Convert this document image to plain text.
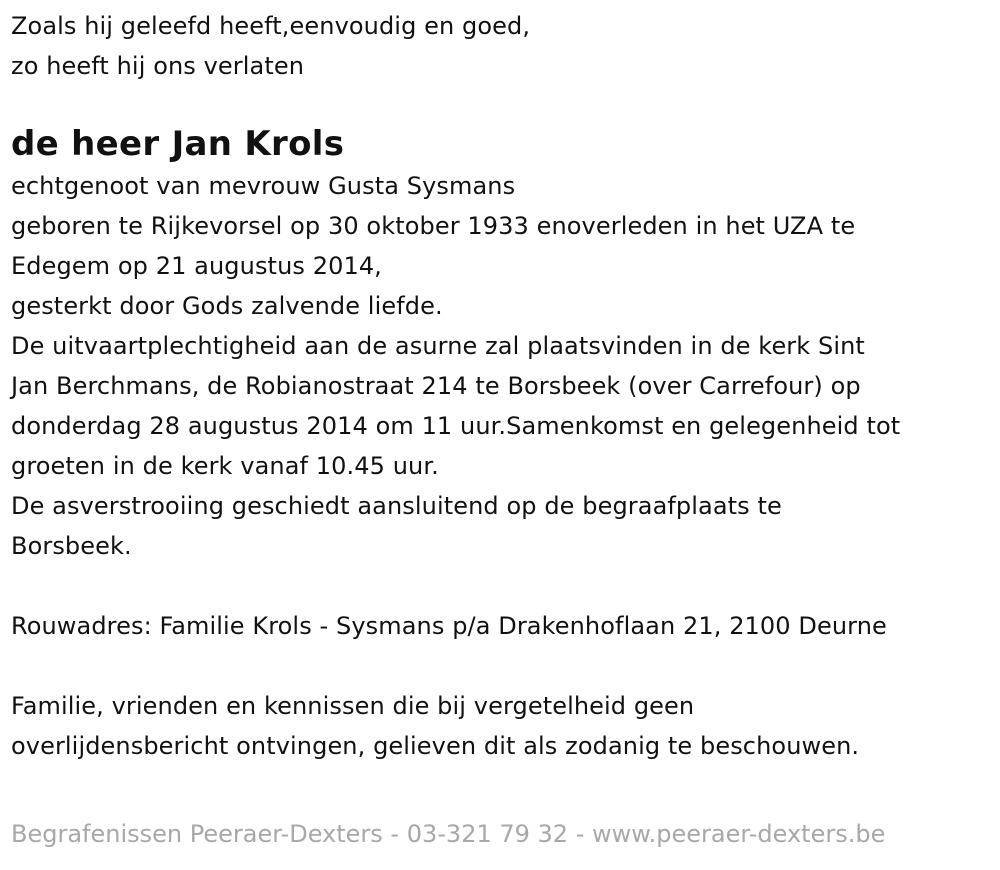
Zoals hij geleefd heeft,eenvoudig en goed,
zo heeft hij ons verlaten
de heer Jan Krols
echtgenoot van mevrouw Gusta Sysmans
geboren te Rijkevorsel op 30 oktober 1933 enoverleden in het UZA te
Edegem op 21 augustus 2014,
gesterkt door Gods zalvende liefde.
De uitvaartplechtigheid aan de asurne zal plaatsvinden in de kerk Sint
Jan Berchmans, de Robianostraat 214 te Borsbeek (over Carrefour) op
donderdag 28 augustus 2014 om 11 uur.Samenkomst en gelegenheid tot
groeten in de kerk vanaf 10.45 uur.
De asverstrooiing geschiedt aansluitend op de begraafplaats te
Borsbeek.
Rouwadres: Familie Krols - Sysmans p/a Drakenhoflaan 21, 2100 Deurne
Familie, vrienden en kennissen die bij vergetelheid geen
overlijdensbericht ontvingen, gelieven dit als zodanig te beschouwen.
Begrafenissen Peeraer-Dexters - 03-321 79 32 - www.peeraer-dexters.be
